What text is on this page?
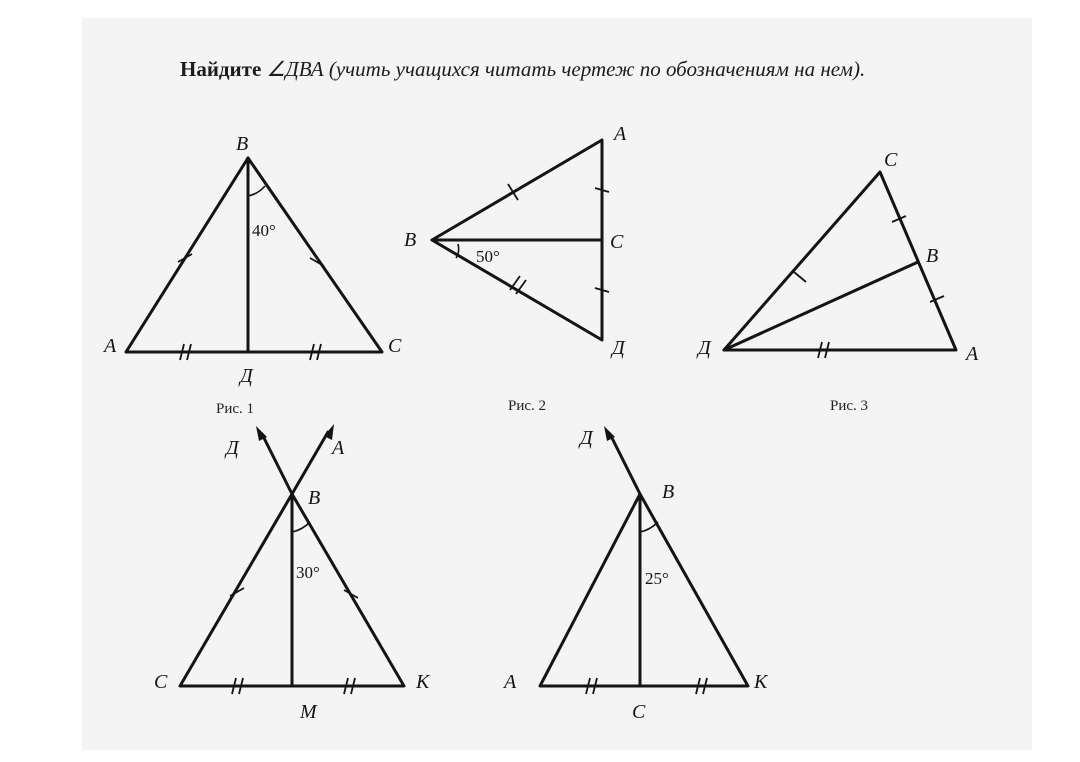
Найдите ∠ДВА (учить учащихся читать чертеж по обозначениям на нем).
B
A	C
Д
40°
Рис. 1
A
B	C
Д
50°
Рис. 2
C
B
Д	A
Рис. 3
Д	A
B
C
M
K
30°
Д
B
A
C
K
25°
